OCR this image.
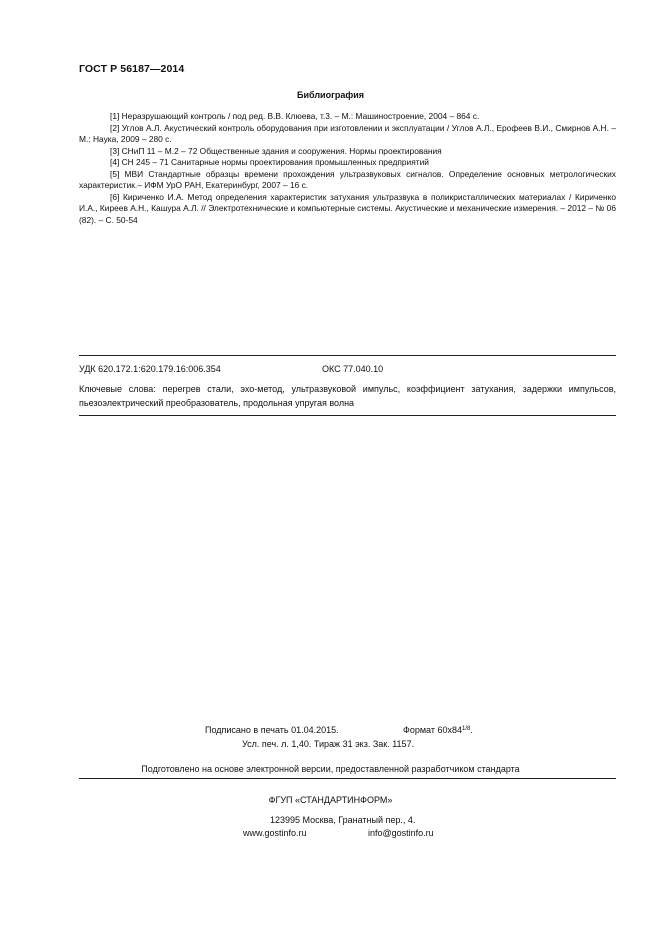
ГОСТ Р 56187—2014
Библиография

[1] Неразрушающий контроль / под ред. В.В. Клюева, т.3. – М.: Машиностроение, 2004 – 864 с.

[2] Углов А.Л. Акустический контроль оборудования при изготовлении и эксплуатации / Углов А.Л., Ерофеев В.И., Смирнов А.Н. – М.: Наука, 2009 – 280 с.

[3] СНиП 11 – М.2 – 72 Общественные здания и сооружения. Нормы проектирования

[4] СН 245 – 71 Санитарные нормы проектирования промышленных предприятий

[5] МВИ Стандартные образцы времени прохождения ультразвуковых сигналов. Определение основных метрологических характеристик.– ИФМ УрО РАН, Екатеринбург, 2007 – 16 с.

[6] Кириченко И.А. Метод определения характеристик затухания ультразвука в поликристаллических материалах / Кириченко И.А., Киреев А.Н., Кашура А.Л. // Электротехнические и компьютерные системы. Акустические и механические измерения. – 2012 – № 06 (82). – С. 50-54

УДК 620.172.1:620.179.16:006.354	ОКС 77.040.10

Ключевые слова: перегрев стали, эхо-метод, ультразвуковой импульс, коэффициент затухания, задержки импульсов, пьезоэлектрический преобразователь, продольная упругая волна

Подписано в печать 01.04.2015.	Формат $60x84^{1/8}$.
Усл. печ. л. 1,40. Тираж 31 экз. Зак. 1157.
Подготовлено на основе электронной версии, предоставленной разработчиком стандарта
ФГУП «СТАНДАРТИНФОРМ»
123995 Москва, Гранатный пер., 4.
www.gostinfo.ru	info@gostinfo.ru
